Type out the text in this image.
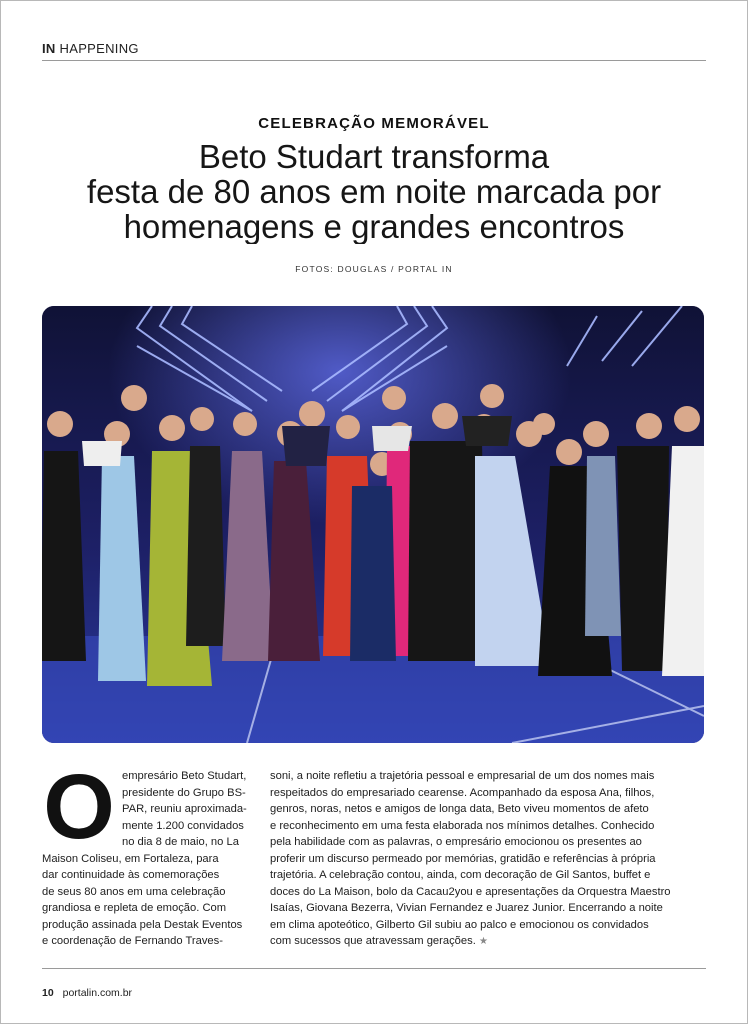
IN HAPPENING
CELEBRAÇÃO MEMORÁVEL
Beto Studart transforma
festa de 80 anos em noite marcada por
homenagens e grandes encontros
FOTOS: DOUGLAS / PORTAL IN
O empresário Beto Studart,
presidente do Grupo BS-
PAR, reuniu aproximada-
mente 1.200 convidados
no dia 8 de maio, no La
Maison Coliseu, em Fortaleza, para
dar continuidade às comemorações
de seus 80 anos em uma celebração
grandiosa e repleta de emoção. Com
produção assinada pela Destak Eventos
e coordenação de Fernando Traves-
soni, a noite refletiu a trajetória pessoal e empresarial de um dos nomes mais
respeitados do empresariado cearense. Acompanhado da esposa Ana, filhos,
genros, noras, netos e amigos de longa data, Beto viveu momentos de afeto
e reconhecimento em uma festa elaborada nos mínimos detalhes. Conhecido
pela habilidade com as palavras, o empresário emocionou os presentes ao
proferir um discurso permeado por memórias, gratidão e referências à própria
trajetória. A celebração contou, ainda, com decoração de Gil Santos, buffet e
doces do La Maison, bolo da Cacau2you e apresentações da Orquestra Maestro
Isaías, Giovana Bezerra, Vivian Fernandez e Juarez Junior. Encerrando a noite
em clima apoteótico, Gilberto Gil subiu ao palco e emocionou os convidados
com sucessos que atravessam gerações. ★
10 portalin.com.br
